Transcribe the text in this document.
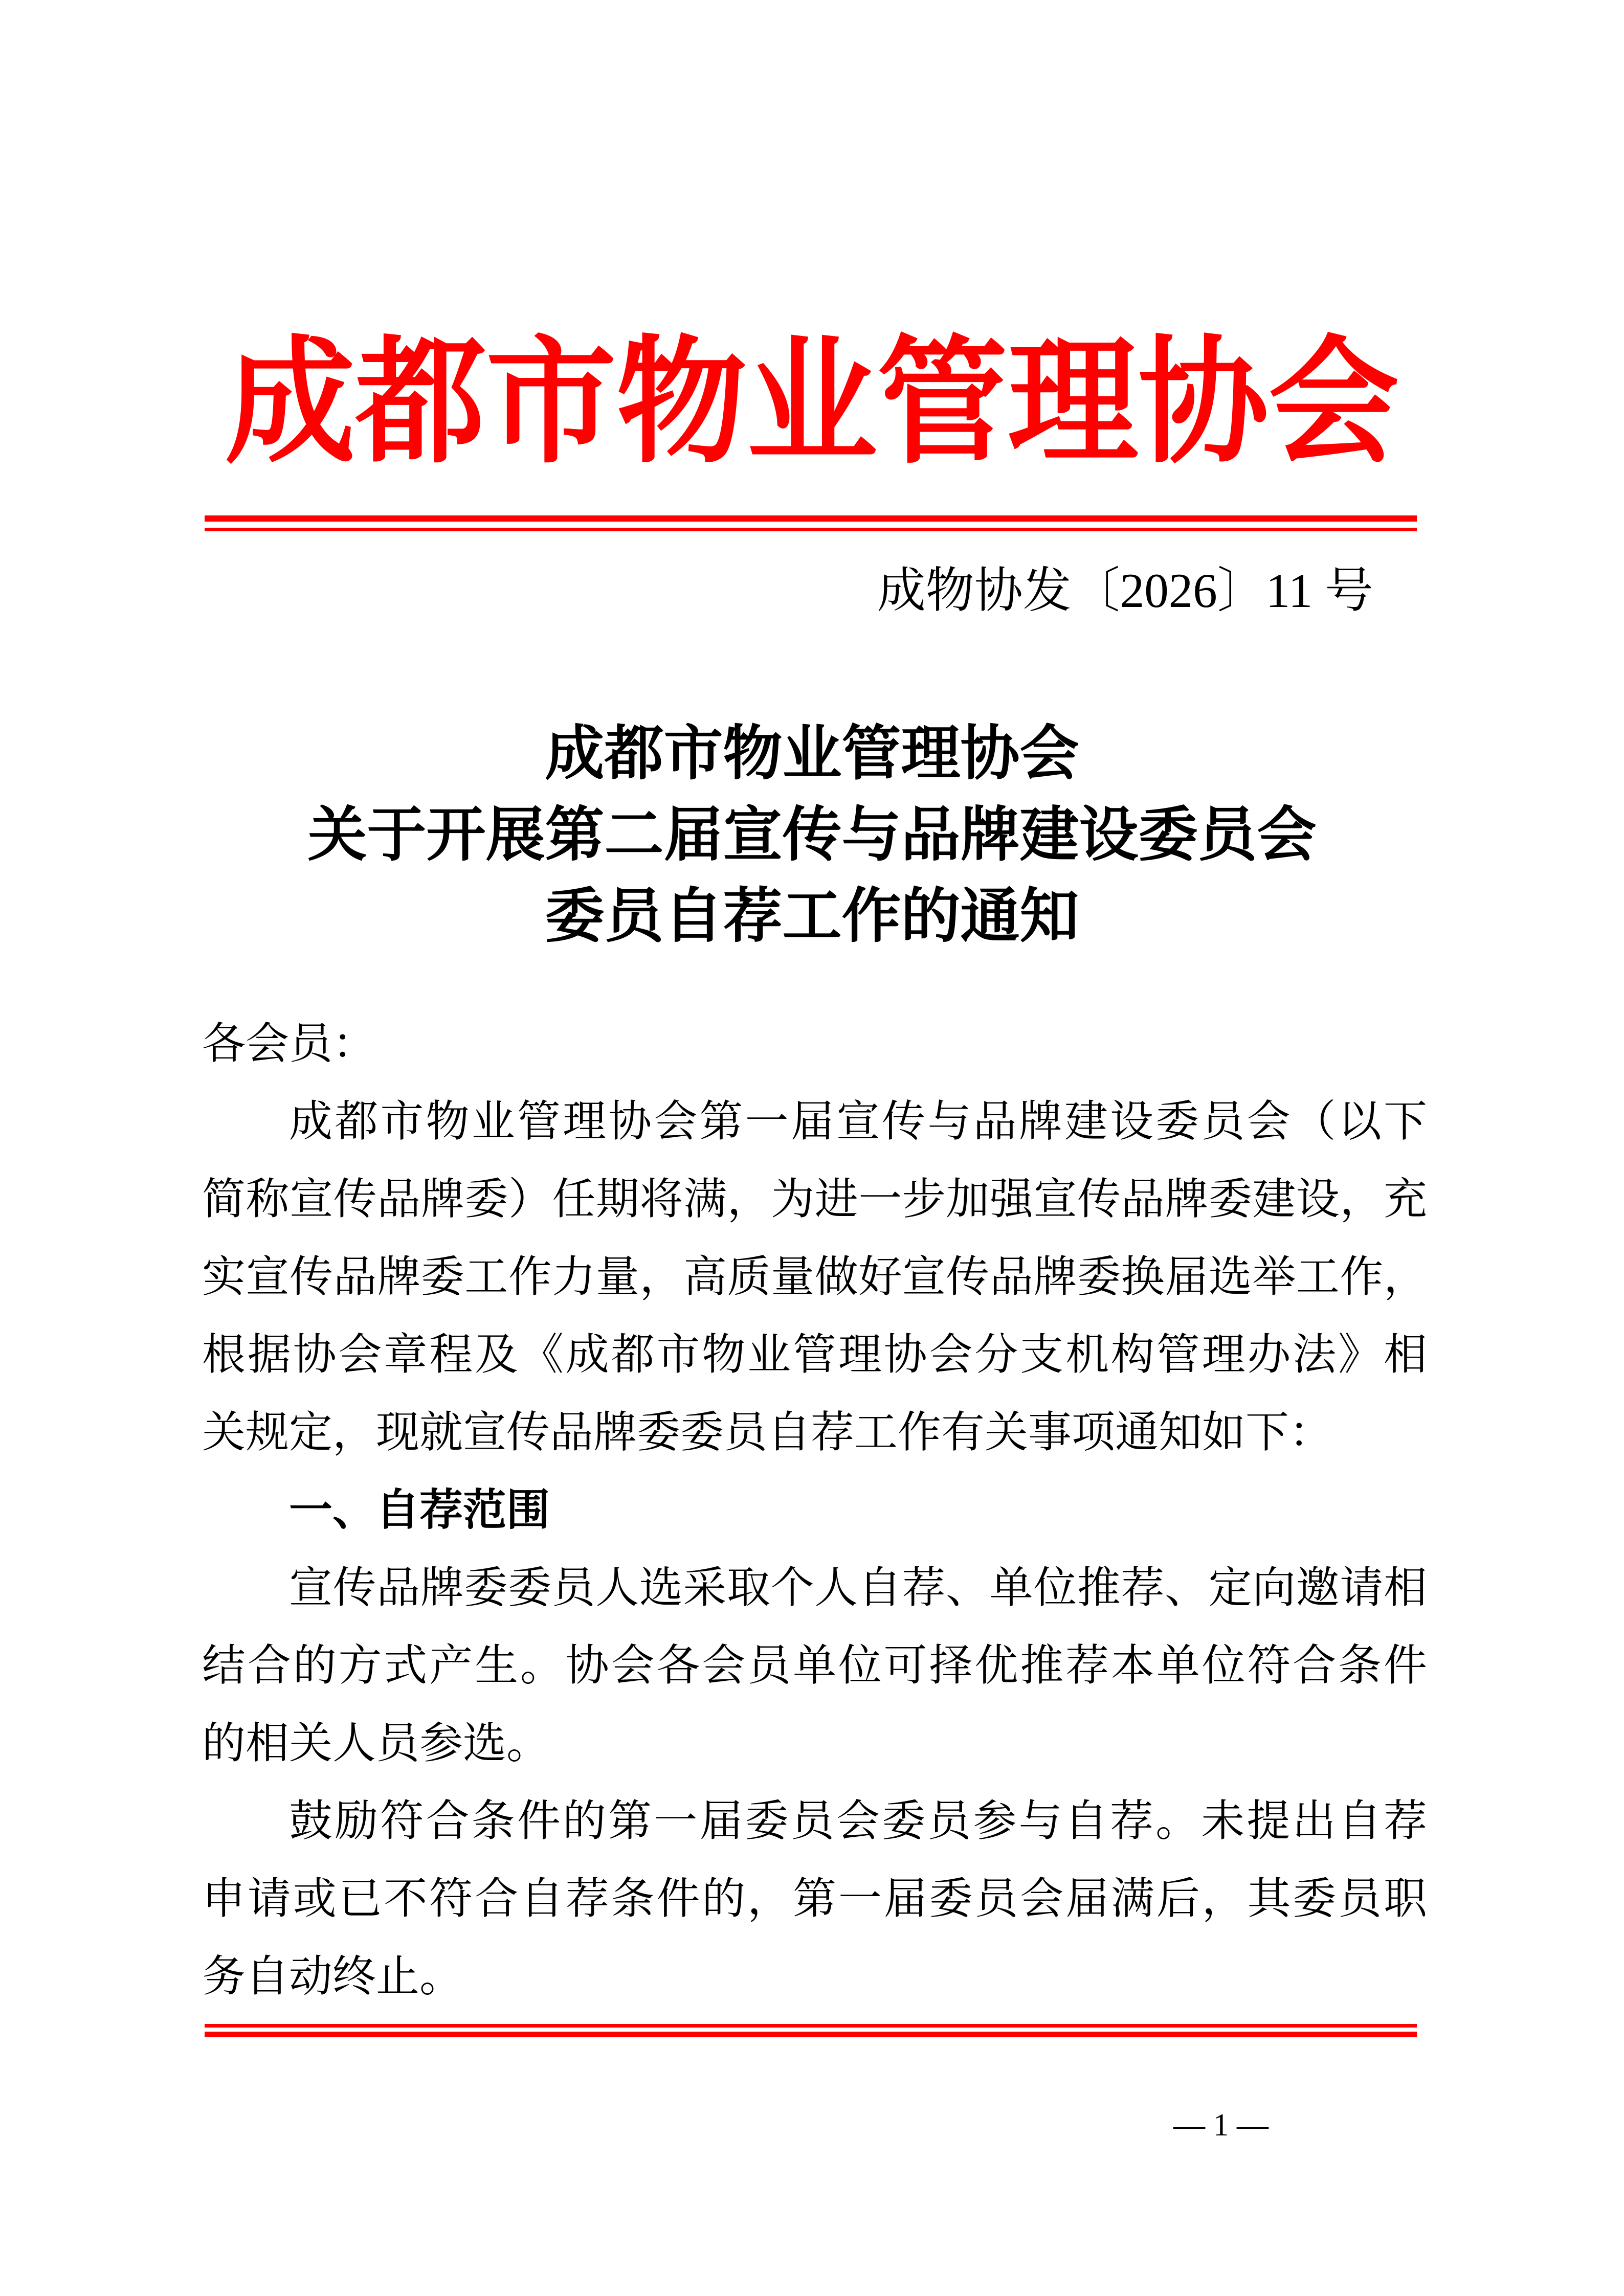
成都市物业管理协会
成物协发〔2026〕11 号
成都市物业管理协会
关于开展第二届宣传与品牌建设委员会
委员自荐工作的通知
各会员：
成都市物业管理协会第一届宣传与品牌建设委员会（以下
简称宣传品牌委）任期将满，为进一步加强宣传品牌委建设，充
实宣传品牌委工作力量，高质量做好宣传品牌委换届选举工作，
根据协会章程及《成都市物业管理协会分支机构管理办法》相
关规定，现就宣传品牌委委员自荐工作有关事项通知如下：
一、自荐范围
宣传品牌委委员人选采取个人自荐、单位推荐、定向邀请相
结合的方式产生。协会各会员单位可择优推荐本单位符合条件
的相关人员参选。
鼓励符合条件的第一届委员会委员参与自荐。未提出自荐
申请或已不符合自荐条件的，第一届委员会届满后，其委员职
务自动终止。
— 1 —
